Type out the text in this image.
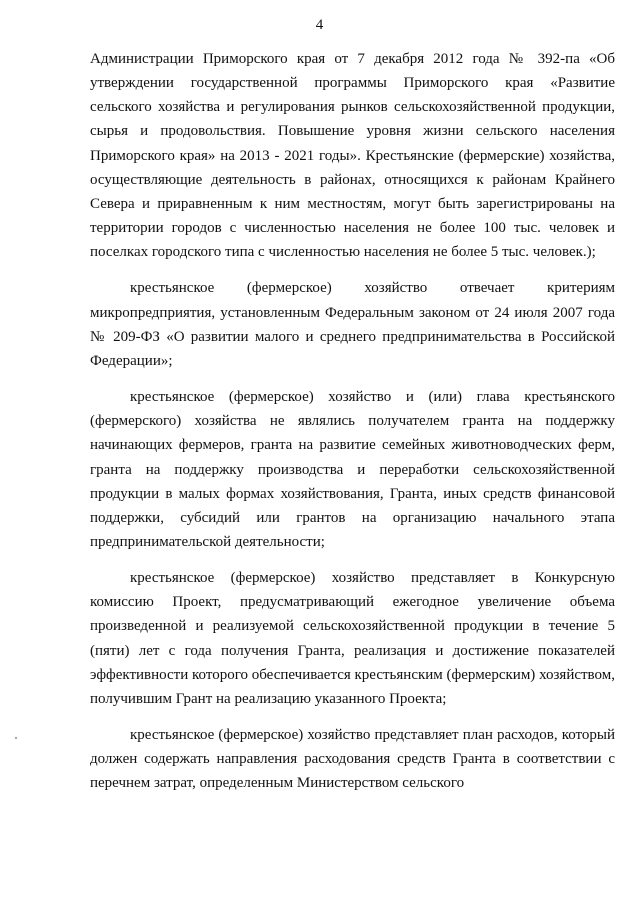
4

Администрации Приморского края от 7 декабря 2012 года № 392-па «Об утверждении государственной программы Приморского края «Развитие сельского хозяйства и регулирования рынков сельскохозяйственной продукции, сырья и продовольствия. Повышение уровня жизни сельского населения Приморского края» на 2013 - 2021 годы». Крестьянские (фермерские) хозяйства, осуществляющие деятельность в районах, относящихся к районам Крайнего Севера и приравненным к ним местностям, могут быть зарегистрированы на территории городов с численностью населения не более 100 тыс. человек и поселках городского типа с численностью населения не более 5 тыс. человек.);

крестьянское (фермерское) хозяйство отвечает критериям микропредприятия, установленным Федеральным законом от 24 июля 2007 года № 209-ФЗ «О развитии малого и среднего предпринимательства в Российской Федерации»;

крестьянское (фермерское) хозяйство и (или) глава крестьянского (фермерского) хозяйства не являлись получателем гранта на поддержку начинающих фермеров, гранта на развитие семейных животноводческих ферм, гранта на поддержку производства и переработки сельскохозяйственной продукции в малых формах хозяйствования, Гранта, иных средств финансовой поддержки, субсидий или грантов на организацию начального этапа предпринимательской деятельности;

крестьянское (фермерское) хозяйство представляет в Конкурсную комиссию Проект, предусматривающий ежегодное увеличение объема произведенной и реализуемой сельскохозяйственной продукции в течение 5 (пяти) лет с года получения Гранта, реализация и достижение показателей эффективности которого обеспечивается крестьянским (фермерским) хозяйством, получившим Грант на реализацию указанного Проекта;

крестьянское (фермерское) хозяйство представляет план расходов, который должен содержать направления расходования средств Гранта в соответствии с перечнем затрат, определенным Министерством сельского
